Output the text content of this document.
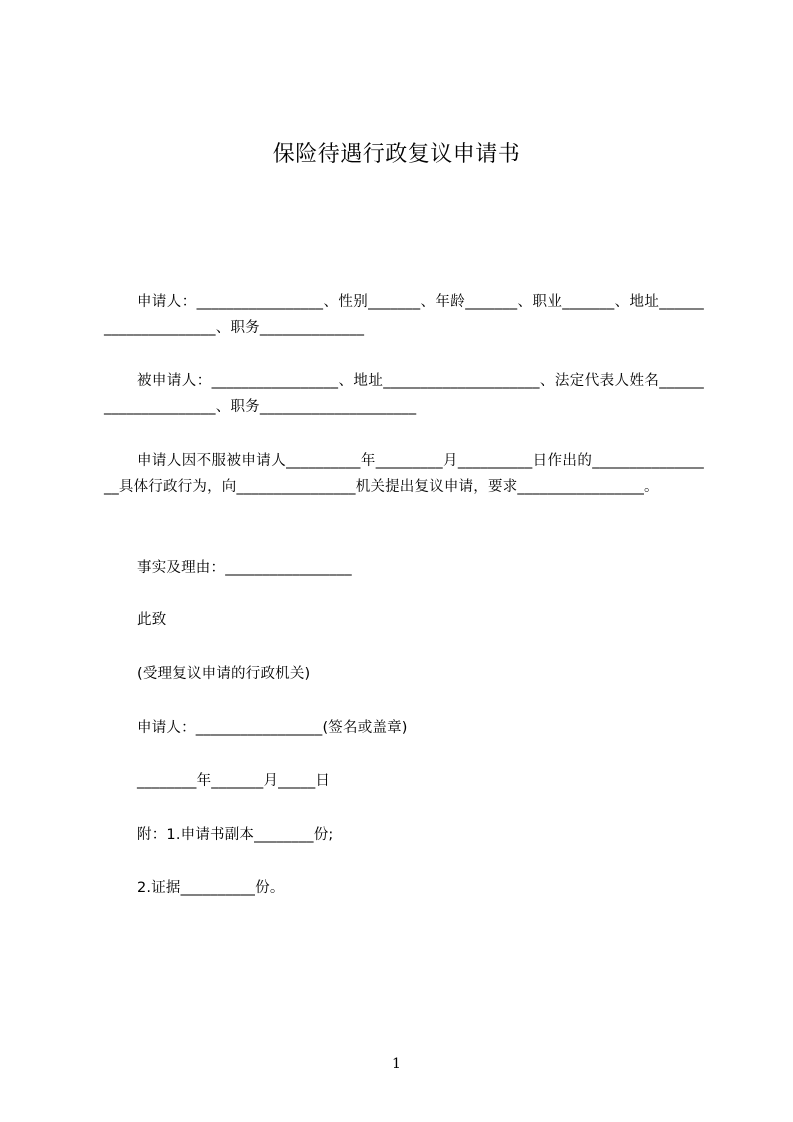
保险待遇行政复议申请书
申请人：_________________、性别_______、年龄_______、职业_______、地址_____________________、职务______________
被申请人：_________________、地址_____________________、法定代表人姓名_____________________、职务_____________________
申请人因不服被申请人__________年_________月__________日作出的_________________具体行政行为，向________________机关提出复议申请，要求_________________。
事实及理由：_________________
此致
(受理复议申请的行政机关)
申请人：_________________(签名或盖章)
________年_______月_____日
附：1.申请书副本________份;
2.证据__________份。
1
